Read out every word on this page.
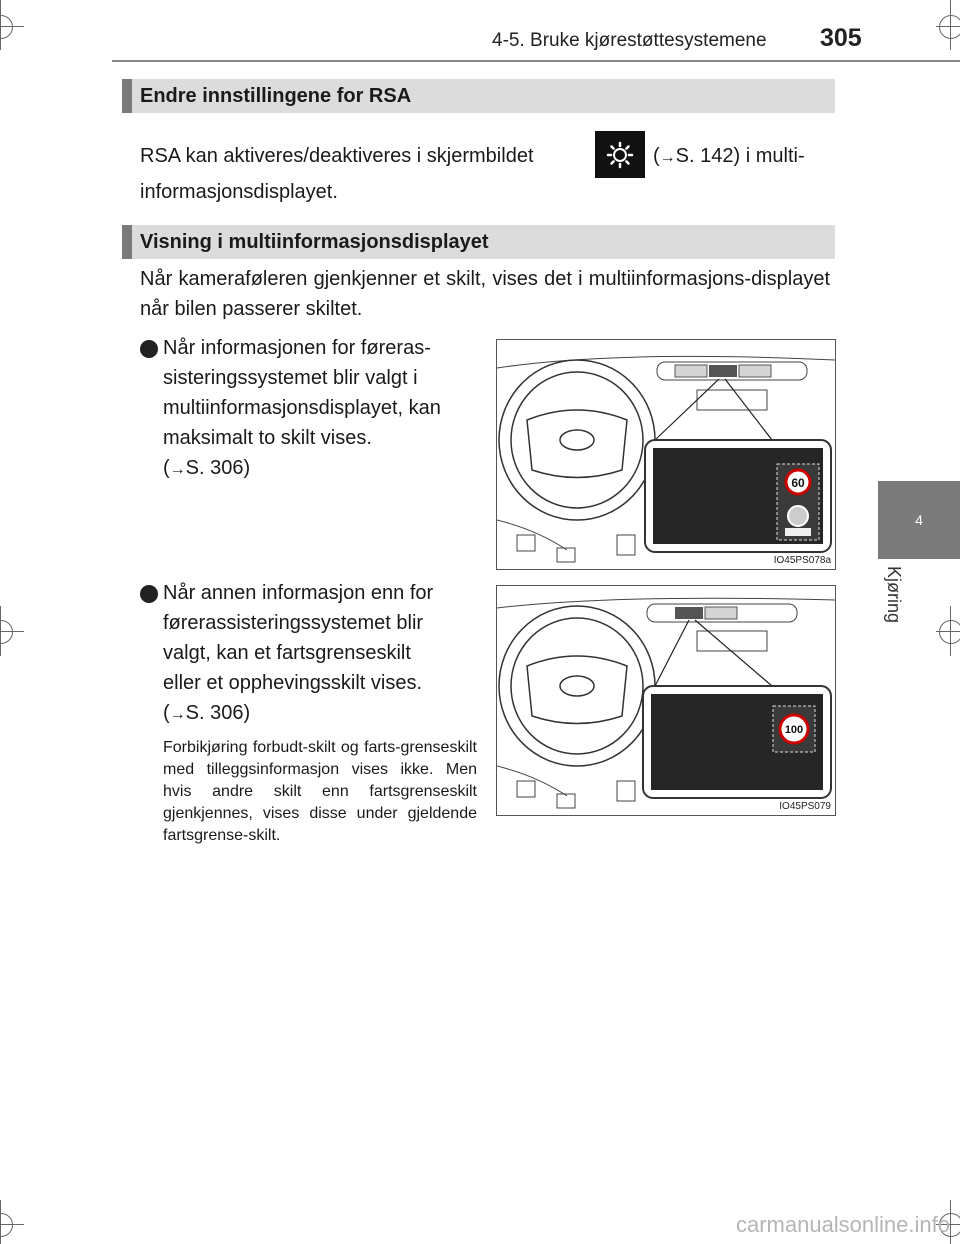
4-5. Bruke kjørestøttesystemene 305
4
Kjøring
Endre innstillingene for RSA
RSA kan aktiveres/deaktiveres i skjermbildet	(→S. 142) i multi-
informasjonsdisplayet.
Visning i multiinformasjonsdisplayet
Når kameraføleren gjenkjenner et skilt, vises det i multiinformasjons-displayet når bilen passerer skiltet.
Når informasjonen for føreras-
sisteringssystemet blir valgt i
multiinformasjonsdisplayet, kan
maksimalt to skilt vises.
(→S. 306)
60
IO45PS078a
Når annen informasjon enn for
førerassisteringssystemet blir
valgt, kan et fartsgrenseskilt
eller et opphevingsskilt vises.
(→S. 306)
Forbikjøring forbudt-skilt og farts-grenseskilt med tilleggsinformasjon vises ikke. Men hvis andre skilt enn fartsgrenseskilt gjenkjennes, vises disse under gjeldende fartsgrense-skilt.
100
IO45PS079
carmanualsonline.info
